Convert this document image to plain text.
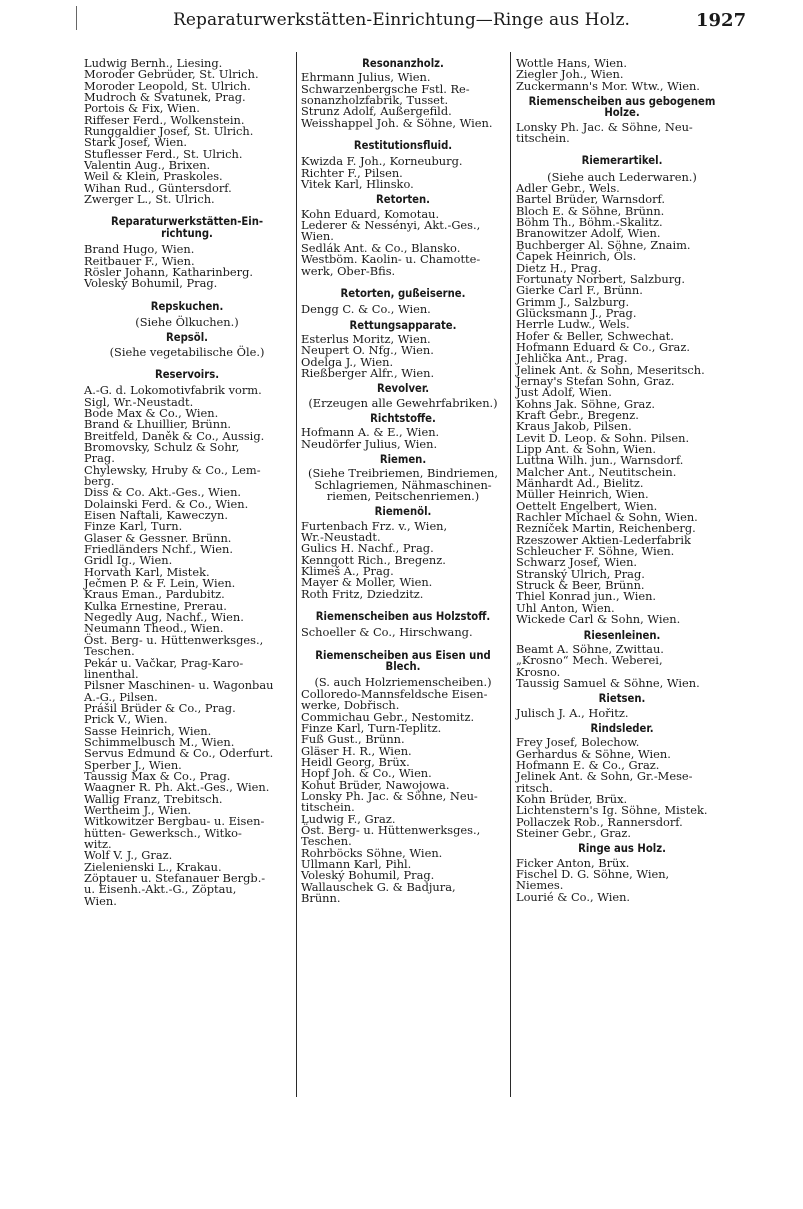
Reparaturwerkstätten-Einrichtung—Ringe aus Holz.	1927
Ludwig Bernh., Liesing.
Moroder Gebrüder, St. Ulrich.
Moroder Leopold, St. Ulrich.
Mudroch & Svatunek, Prag.
Portois & Fix, Wien.
Riffeser Ferd., Wolkenstein.
Runggaldier Josef, St. Ulrich.
Stark Josef, Wien.
Stuflesser Ferd., St. Ulrich.
Valentin Aug., Brixen.
Weil & Klein, Praskoles.
Wihan Rud., Güntersdorf.
Zwerger L., St. Ulrich.
Reparaturwerkstätten-Ein-
richtung.
Brand Hugo, Wien.
Reitbauer F., Wien.
Rösler Johann, Katharinberg.
Voleský Bohumil, Prag.
Repskuchen.
(Siehe Ölkuchen.)
Repsöl.
(Siehe vegetabilische Öle.)
Reservoirs.
A.-G. d. Lokomotivfabrik vorm.
Sigl, Wr.-Neustadt.
Bode Max & Co., Wien.
Brand & Lhuillier, Brünn.
Breitfeld, Daněk & Co., Aussig.
Bromovsky, Schulz & Sohr,
Prag.
Chylewsky, Hruby & Co., Lem-
berg.
Diss & Co. Akt.-Ges., Wien.
Dolainski Ferd. & Co., Wien.
Eisen Naftali, Kaweczyn.
Finze Karl, Turn.
Glaser & Gessner. Brünn.
Friedländers Nchf., Wien.
Gridl Ig., Wien.
Horvath Karl, Mistek.
Ječmen P. & F. Lein, Wien.
Kraus Eman., Pardubitz.
Kulka Ernestine, Prerau.
Negedly Aug, Nachf., Wien.
Neumann Theod., Wien.
Öst. Berg- u. Hüttenwerksges.,
Teschen.
Pekár u. Vačkar, Prag-Karo-
linenthal.
Pilsner Maschinen- u. Wagonbau
A.-G., Pilsen.
Prášil Brüder & Co., Prag.
Prick V., Wien.
Sasse Heinrich, Wien.
Schimmelbusch M., Wien.
Servus Edmund & Co., Oderfurt.
Sperber J., Wien.
Taussig Max & Co., Prag.
Waagner R. Ph. Akt.-Ges., Wien.
Wallig Franz, Trebitsch.
Wertheim J., Wien.
Witkowitzer Bergbau- u. Eisen-
hütten- Gewerksch., Witko-
witz.
Wolf V. J., Graz.
Zielenienski L., Krakau.
Zöptauer u. Stefanauer Bergb.-
u. Eisenh.-Akt.-G., Zöptau,
Wien.
Resonanzholz.
Ehrmann Julius, Wien.
Schwarzenbergsche Fstl. Re-
sonanzholzfabrik, Tusset.
Strunz Adolf, Außergefild.
Weisshappel Joh. & Söhne, Wien.
Restitutionsfluid.
Kwizda F. Joh., Korneuburg.
Richter F., Pilsen.
Vitek Karl, Hlinsko.
Retorten.
Kohn Eduard, Komotau.
Lederer & Nessényi, Akt.-Ges.,
Wien.
Sedlák Ant. & Co., Blansko.
Westböm. Kaolin- u. Chamotte-
werk, Ober-Bfis.
Retorten, gußeiserne.
Dengg C. & Co., Wien.
Rettungsapparate.
Esterlus Moritz, Wien.
Neupert O. Nfg., Wien.
Odelga J., Wien.
Rießberger Alfr., Wien.
Revolver.
(Erzeugen alle Gewehrfabriken.)
Richtstoffe.
Hofmann A. & E., Wien.
Neudörfer Julius, Wien.
Riemen.
(Siehe Treibriemen, Bindriemen,
Schlagriemen, Nähmaschinen-
riemen, Peitschenriemen.)
Riemenöl.
Furtenbach Frz. v., Wien,
Wr.-Neustadt.
Gulics H. Nachf., Prag.
Kenngott Rich., Bregenz.
Klimeš A., Prag.
Mayer & Moller, Wien.
Roth Fritz, Dziedzitz.
Riemenscheiben aus Holzstoff.
Schoeller & Co., Hirschwang.
Riemenscheiben aus Eisen und
Blech.
(S. auch Holzriemenscheiben.)
Colloredo-Mannsfeldsche Eisen-
werke, Dobřisch.
Commichau Gebr., Nestomitz.
Finze Karl, Turn-Teplitz.
Fuß Gust., Brünn.
Gläser H. R., Wien.
Heidl Georg, Brüx.
Hopf Joh. & Co., Wien.
Kohut Brüder, Nawojowa.
Lonsky Ph. Jac. & Söhne, Neu-
titschein.
Ludwig F., Graz.
Öst. Berg- u. Hüttenwerksges.,
Teschen.
Rohrböcks Söhne, Wien.
Ullmann Karl, Pihl.
Voleský Bohumil, Prag.
Wallauschek G. & Badjura,
Brünn.
Wottle Hans, Wien.
Ziegler Joh., Wien.
Zuckermann's Mor. Wtw., Wien.
Riemenscheiben aus gebogenem
Holze.
Lonsky Ph. Jac. & Söhne, Neu-
titschein.
Riemerartikel.
(Siehe auch Lederwaren.)
Adler Gebr., Wels.
Bartel Brüder, Warnsdorf.
Bloch E. & Söhne, Brünn.
Böhm Th., Böhm.-Skalitz.
Branowitzer Adolf, Wien.
Buchberger Al. Söhne, Znaim.
Čapek Heinrich, Öls.
Dietz H., Prag.
Fortunaty Norbert, Salzburg.
Gierke Carl F., Brünn.
Grimm J., Salzburg.
Glücksmann J., Prag.
Herrle Ludw., Wels.
Hofer & Beller, Schwechat.
Hofmann Eduard & Co., Graz.
Jehlička Ant., Prag.
Jelinek Ant. & Sohn, Meseritsch.
Jernay's Stefan Sohn, Graz.
Just Adolf, Wien.
Kohns Jak. Söhne, Graz.
Kraft Gebr., Bregenz.
Kraus Jakob, Pilsen.
Levit D. Leop. & Sohn. Pilsen.
Lipp Ant. & Sohn, Wien.
Luttna Wilh. jun., Warnsdorf.
Malcher Ant., Neutitschein.
Mänhardt Ad., Bielitz.
Müller Heinrich, Wien.
Oettelt Engelbert, Wien.
Rachler Michael & Sohn, Wien.
Rezníček Martin, Reichenberg.
Rzeszower Aktien-Lederfabrik
Schleucher F. Söhne, Wien.
Schwarz Josef, Wien.
Stranský Ulrich, Prag.
Struck & Beer, Brünn.
Thiel Konrad jun., Wien.
Uhl Anton, Wien.
Wickede Carl & Sohn, Wien.
Riesenleinen.
Beamt A. Söhne, Zwittau.
„Krosno“ Mech. Weberei,
Krosno.
Taussig Samuel & Söhne, Wien.
Rietsen.
Julisch J. A., Hořitz.
Rindsleder.
Frey Josef, Bolechow.
Gerhardus & Söhne, Wien.
Hofmann E. & Co., Graz.
Jelinek Ant. & Sohn, Gr.-Mese-
ritsch.
Kohn Brüder, Brüx.
Lichtenstern's Ig. Söhne, Mistek.
Pollaczek Rob., Rannersdorf.
Steiner Gebr., Graz.
Ringe aus Holz.
Ficker Anton, Brüx.
Fischel D. G. Söhne, Wien,
Niemes.
Lourié & Co., Wien.
